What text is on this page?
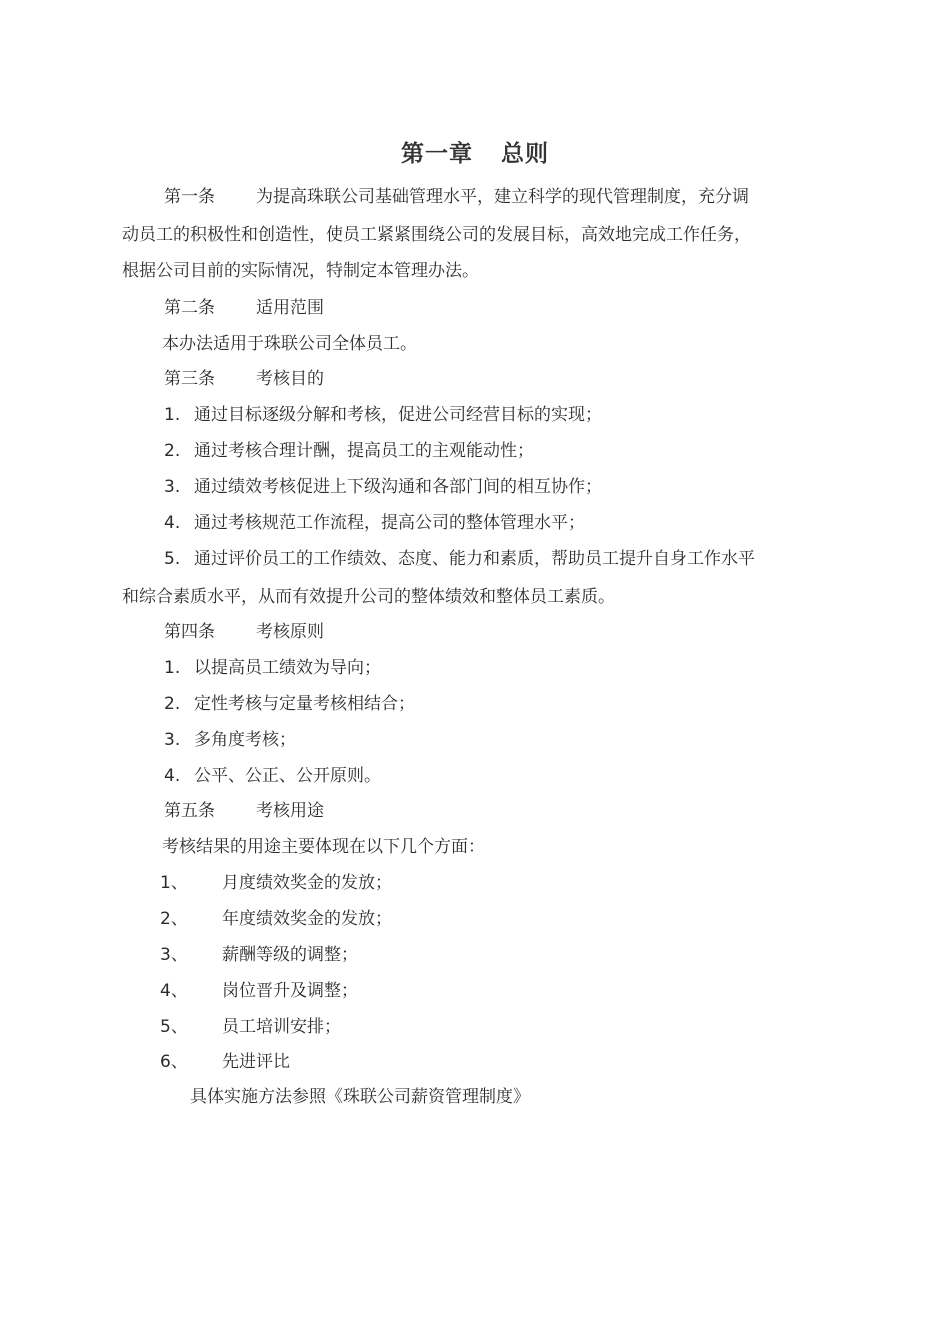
第一章 总则
第一条 为提高珠联公司基础管理水平，建立科学的现代管理制度，充分调
动员工的积极性和创造性，使员工紧紧围绕公司的发展目标，高效地完成工作任务，
根据公司目前的实际情况，特制定本管理办法。
第二条 适用范围
本办法适用于珠联公司全体员工。
第三条 考核目的
1. 通过目标逐级分解和考核，促进公司经营目标的实现；
2. 通过考核合理计酬，提高员工的主观能动性；
3. 通过绩效考核促进上下级沟通和各部门间的相互协作；
4. 通过考核规范工作流程，提高公司的整体管理水平；
5. 通过评价员工的工作绩效、态度、能力和素质，帮助员工提升自身工作水平
和综合素质水平，从而有效提升公司的整体绩效和整体员工素质。
第四条 考核原则
1. 以提高员工绩效为导向；
2. 定性考核与定量考核相结合；
3. 多角度考核；
4. 公平、公正、公开原则。
第五条 考核用途
考核结果的用途主要体现在以下几个方面：
1、 月度绩效奖金的发放；
2、 年度绩效奖金的发放；
3、 薪酬等级的调整；
4、 岗位晋升及调整；
5、 员工培训安排；
6、 先进评比
具体实施方法参照《珠联公司薪资管理制度》
